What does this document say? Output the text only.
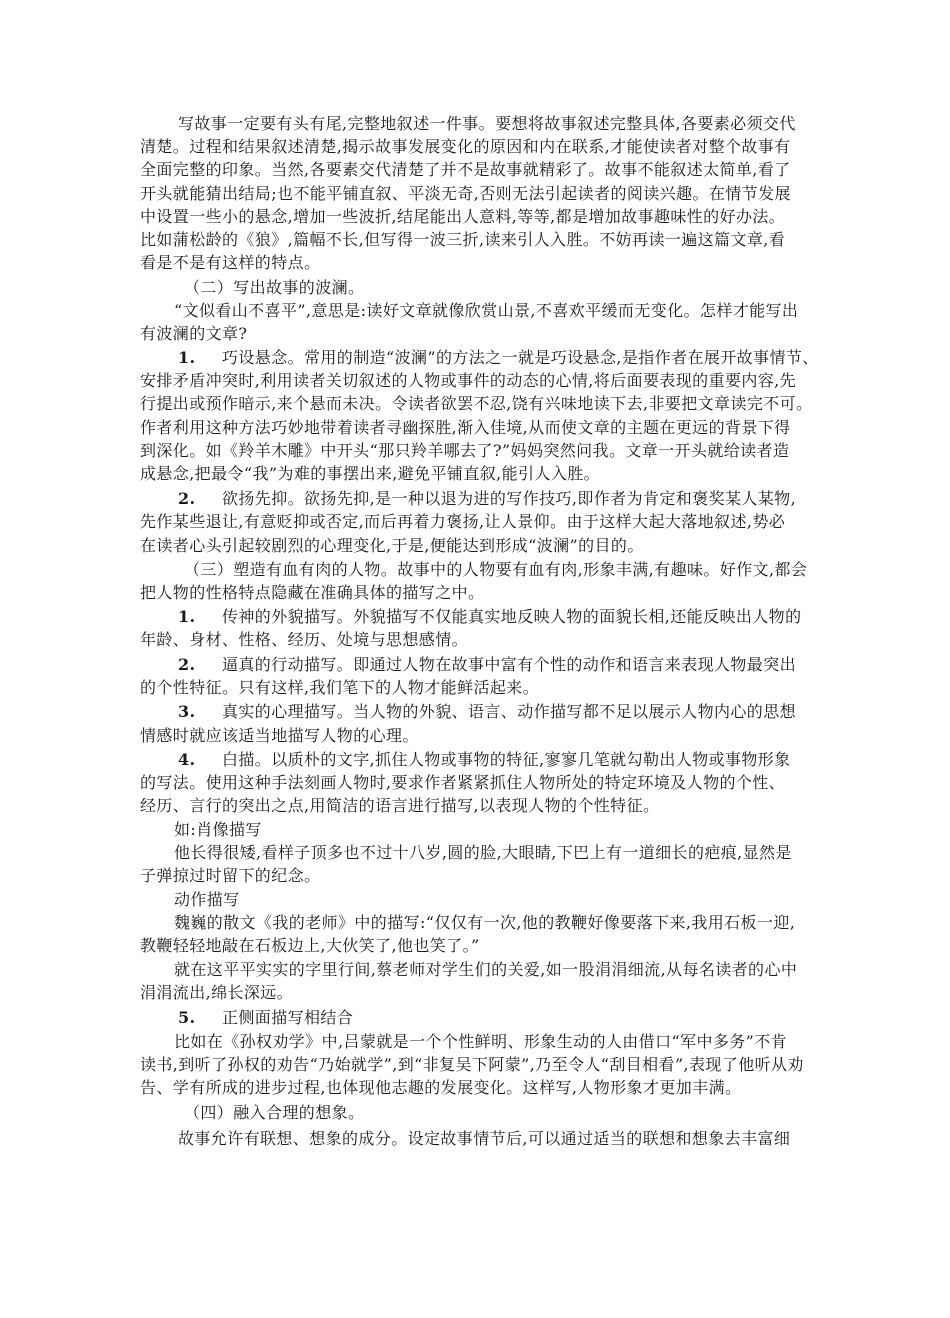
写故事一定要有头有尾,完整地叙述一件事。要想将故事叙述完整具体,各要素必须交代
清楚。过程和结果叙述清楚,揭示故事发展变化的原因和内在联系,才能使读者对整个故事有
全面完整的印象。当然,各要素交代清楚了并不是故事就精彩了。故事不能叙述太简单,看了
开头就能猜出结局;也不能平铺直叙、平淡无奇,否则无法引起读者的阅读兴趣。在情节发展
中设置一些小的悬念,增加一些波折,结尾能出人意料,等等,都是增加故事趣味性的好办法。
比如蒲松龄的《狼》,篇幅不长,但写得一波三折,读来引人入胜。不妨再读一遍这篇文章,看
看是不是有这样的特点。
（二）写出故事的波澜。
“文似看山不喜平”,意思是:读好文章就像欣赏山景,不喜欢平缓而无变化。怎样才能写出
有波澜的文章?
1. 巧设悬念。常用的制造“波澜”的方法之一就是巧设悬念,是指作者在展开故事情节、
安排矛盾冲突时,利用读者关切叙述的人物或事件的动态的心情,将后面要表现的重要内容,先
行提出或预作暗示,来个悬而未决。令读者欲罢不忍,饶有兴味地读下去,非要把文章读完不可。
作者利用这种方法巧妙地带着读者寻幽探胜,渐入佳境,从而使文章的主题在更远的背景下得
到深化。如《羚羊木雕》中开头“那只羚羊哪去了?”妈妈突然问我。文章一开头就给读者造
成悬念,把最令“我”为难的事摆出来,避免平铺直叙,能引人入胜。
2. 欲扬先抑。欲扬先抑,是一种以退为进的写作技巧,即作者为肯定和褒奖某人某物,
先作某些退让,有意贬抑或否定,而后再着力褒扬,让人景仰。由于这样大起大落地叙述,势必
在读者心头引起较剧烈的心理变化,于是,便能达到形成“波澜”的目的。
（三）塑造有血有肉的人物。故事中的人物要有血有肉,形象丰满,有趣味。好作文,都会
把人物的性格特点隐藏在准确具体的描写之中。
1. 传神的外貌描写。外貌描写不仅能真实地反映人物的面貌长相,还能反映出人物的
年龄、身材、性格、经历、处境与思想感情。
2. 逼真的行动描写。即通过人物在故事中富有个性的动作和语言来表现人物最突出
的个性特征。只有这样,我们笔下的人物才能鲜活起来。
3. 真实的心理描写。当人物的外貌、语言、动作描写都不足以展示人物内心的思想
情感时就应该适当地描写人物的心理。
4. 白描。以质朴的文字,抓住人物或事物的特征,寥寥几笔就勾勒出人物或事物形象
的写法。使用这种手法刻画人物时,要求作者紧紧抓住人物所处的特定环境及人物的个性、
经历、言行的突出之点,用简洁的语言进行描写,以表现人物的个性特征。
如:肖像描写
他长得很矮,看样子顶多也不过十八岁,圆的脸,大眼睛,下巴上有一道细长的疤痕,显然是
子弹掠过时留下的纪念。
动作描写
魏巍的散文《我的老师》中的描写:“仅仅有一次,他的教鞭好像要落下来,我用石板一迎,
教鞭轻轻地敲在石板边上,大伙笑了,他也笑了。”
就在这平平实实的字里行间,蔡老师对学生们的关爱,如一股涓涓细流,从每名读者的心中
涓涓流出,绵长深远。
5. 正侧面描写相结合
比如在《孙权劝学》中,吕蒙就是一个个性鲜明、形象生动的人由借口“军中多务”不肯
读书,到听了孙权的劝告“乃始就学”,到“非复吴下阿蒙”,乃至令人“刮目相看”,表现了他听从劝
告、学有所成的进步过程,也体现他志趣的发展变化。这样写,人物形象才更加丰满。
（四）融入合理的想象。
故事允许有联想、想象的成分。设定故事情节后,可以通过适当的联想和想象去丰富细
